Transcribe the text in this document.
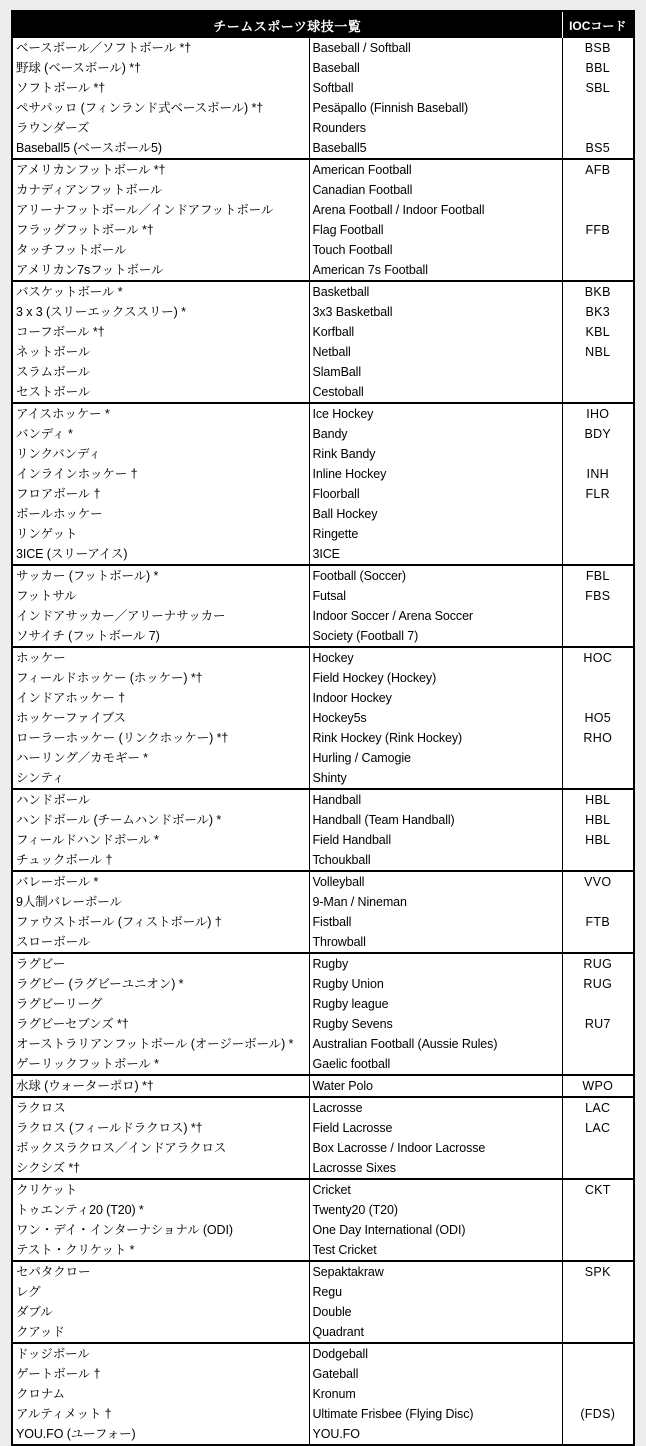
チームスポーツ球技一覧		IOCコード
ベースボール／ソフトボール *†	Baseball / Softball	BSB
野球 (ベースボール) *†	Baseball	BBL
ソフトボール *†	Softball	SBL
ペサパッロ (フィンランド式ベースボール) *†	Pesäpallo (Finnish Baseball)	
ラウンダーズ	Rounders	
Baseball5 (ベースボール5)	Baseball5	BS5
アメリカンフットボール *†	American Football	AFB
カナディアンフットボール	Canadian Football	
アリーナフットボール／インドアフットボール	Arena Football / Indoor Football	
フラッグフットボール *†	Flag Football	FFB
タッチフットボール	Touch Football	
アメリカン7sフットボール	American 7s Football	
バスケットボール *	Basketball	BKB
3 x 3 (スリーエックススリー) *	3x3 Basketball	BK3
コーフボール *†	Korfball	KBL
ネットボール	Netball	NBL
スラムボール	SlamBall	
セストボール	Cestoball	
アイスホッケー *	Ice Hockey	IHO
バンディ *	Bandy	BDY
リンクバンディ	Rink Bandy	
インラインホッケー †	Inline Hockey	INH
フロアボール †	Floorball	FLR
ボールホッケー	Ball Hockey	
リンゲット	Ringette	
3ICE (スリーアイス)	3ICE	
サッカー (フットボール) *	Football (Soccer)	FBL
フットサル	Futsal	FBS
インドアサッカー／アリーナサッカー	Indoor Soccer / Arena Soccer	
ソサイチ (フットボール 7)	Society (Football 7)	
ホッケー	Hockey	HOC
フィールドホッケー (ホッケー) *†	Field Hockey (Hockey)	
インドアホッケー †	Indoor Hockey	
ホッケーファイブス	Hockey5s	HO5
ローラーホッケー (リンクホッケー) *†	Rink Hockey (Rink Hockey)	RHO
ハーリング／カモギー *	Hurling / Camogie	
シンティ	Shinty	
ハンドボール	Handball	HBL
ハンドボール (チームハンドボール) *	Handball (Team Handball)	HBL
フィールドハンドボール *	Field Handball	HBL
チュックボール †	Tchoukball	
バレーボール *	Volleyball	VVO
9人制バレーボール	9-Man / Nineman	
ファウストボール (フィストボール) †	Fistball	FTB
スローボール	Throwball	
ラグビー	Rugby	RUG
ラグビー (ラグビーユニオン) *	Rugby Union	RUG
ラグビーリーグ	Rugby league	
ラグビーセブンズ *†	Rugby Sevens	RU7
オーストラリアンフットボール (オージーボール) *	Australian Football (Aussie Rules)	
ゲーリックフットボール *	Gaelic football	
水球 (ウォーターポロ) *†	Water Polo	WPO
ラクロス	Lacrosse	LAC
ラクロス (フィールドラクロス) *†	Field Lacrosse	LAC
ボックスラクロス／インドアラクロス	Box Lacrosse / Indoor Lacrosse	
シクシズ *†	Lacrosse Sixes	
クリケット	Cricket	CKT
トゥエンティ20 (T20) *	Twenty20 (T20)	
ワン・デイ・インターナショナル (ODI)	One Day International (ODI)	
テスト・クリケット *	Test Cricket	
セパタクロー	Sepaktakraw	SPK
レグ	Regu	
ダブル	Double	
クアッド	Quadrant	
ドッジボール	Dodgeball	
ゲートボール †	Gateball	
クロナム	Kronum	
アルティメット †	Ultimate Frisbee (Flying Disc)	(FDS)
YOU.FO (ユーフォー)	YOU.FO	
